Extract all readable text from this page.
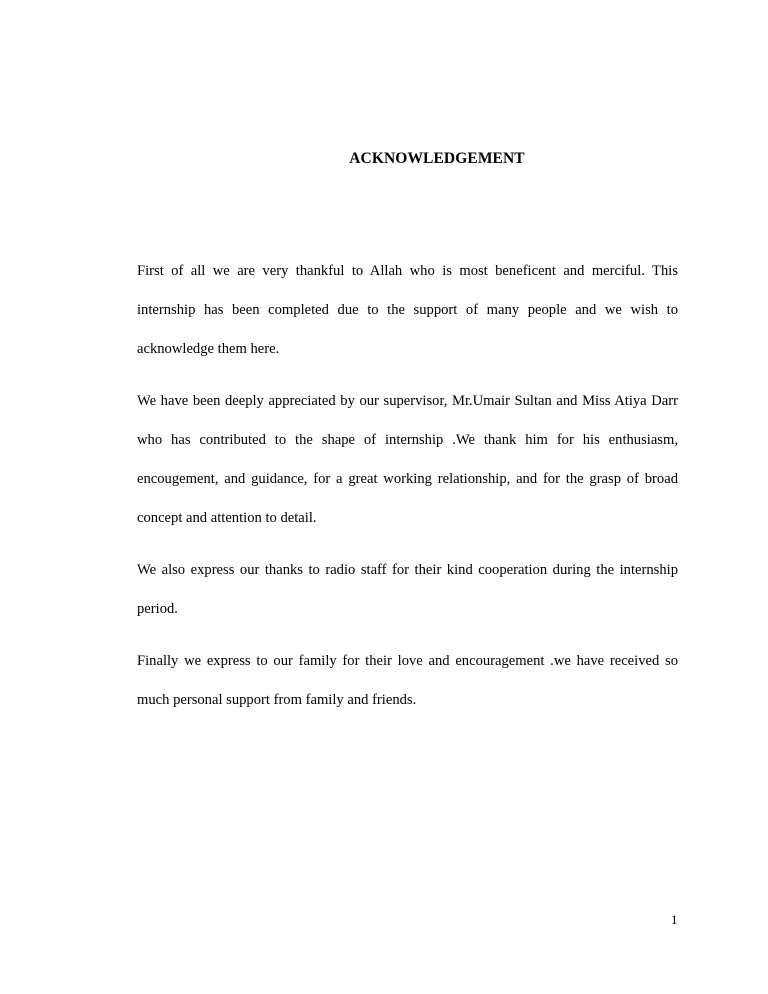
ACKNOWLEDGEMENT

First of all we are very thankful to Allah who is most beneficent and merciful. This internship has been completed due to the support of many people and we wish to acknowledge them here.

We have been deeply appreciated by our supervisor, Mr.Umair Sultan and Miss Atiya Darr who has contributed to the shape of internship .We thank him for his enthusiasm, encougement, and guidance, for a great working relationship, and for the grasp of broad concept and attention to detail.

We also express our thanks to radio staff for their kind cooperation during the internship period.

Finally we express to our family for their love and encouragement .we have received so much personal support from family and friends.

1
